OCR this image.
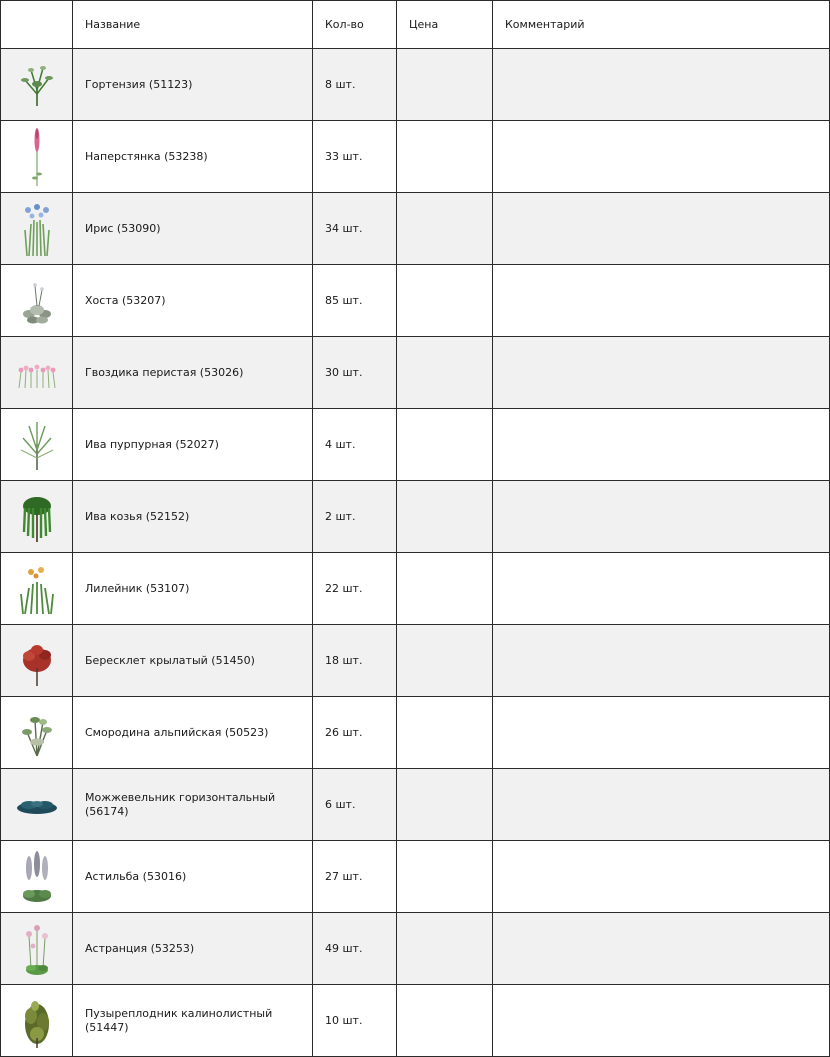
	Название	Кол-во	Цена	Комментарий

	Гортензия (51123)	8 шт.		

	Наперстянка (53238)	33 шт.		

	Ирис (53090)	34 шт.		

	Хоста (53207)	85 шт.		

	Гвоздика перистая (53026)	30 шт.		

	Ива пурпурная (52027)	4 шт.		

	Ива козья (52152)	2 шт.		

	Лилейник (53107)	22 шт.		

	Бересклет крылатый (51450)	18 шт.		

	Смородина альпийская (50523)	26 шт.		

	Можжевельник горизонтальный (56174)	6 шт.		

	Астильба (53016)	27 шт.		

	Астранция (53253)	49 шт.		

	Пузыреплодник калинолистный (51447)	10 шт.		
